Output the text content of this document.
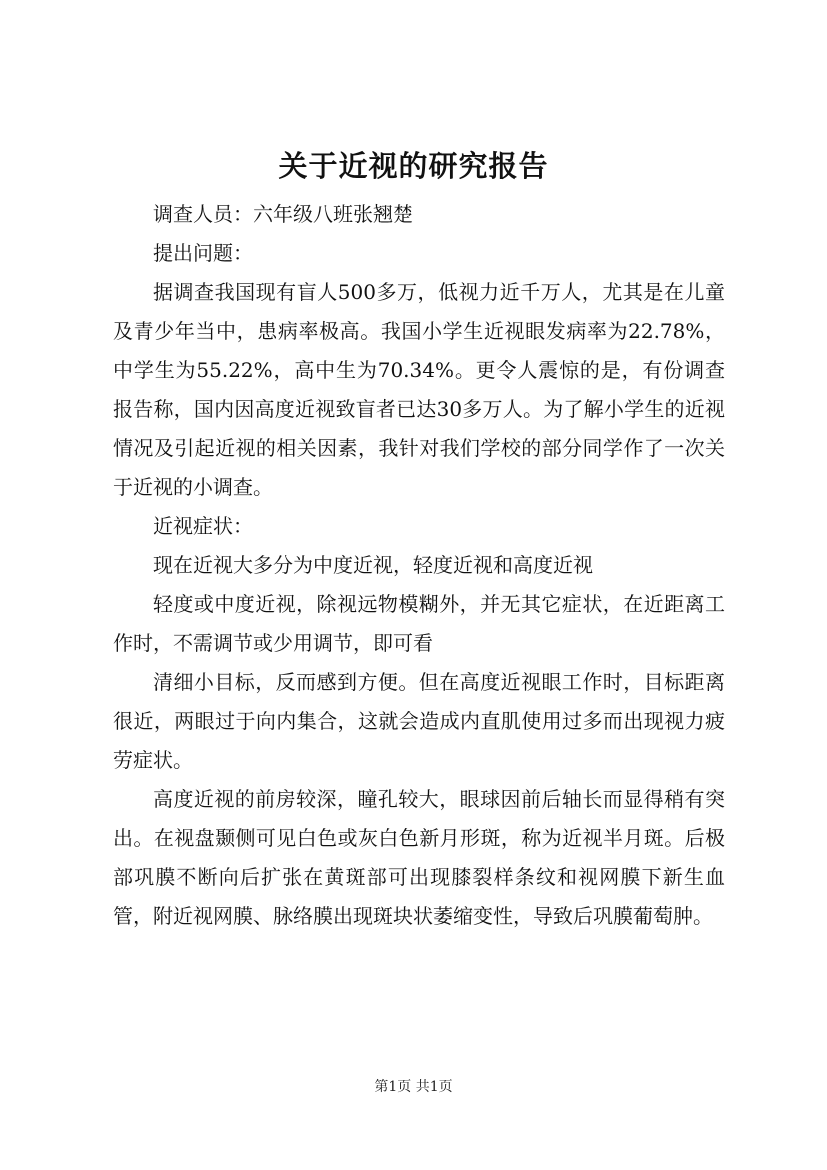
关于近视的研究报告

调查人员：六年级八班张翘楚

提出问题：

据调查我国现有盲人500多万，低视力近千万人，尤其是在儿童及青少年当中，患病率极高。我国小学生近视眼发病率为22.78%，中学生为55.22%，高中生为70.34%。更令人震惊的是，有份调查报告称，国内因高度近视致盲者已达30多万人。为了解小学生的近视情况及引起近视的相关因素，我针对我们学校的部分同学作了一次关于近视的小调查。

近视症状：

现在近视大多分为中度近视，轻度近视和高度近视

轻度或中度近视，除视远物模糊外，并无其它症状，在近距离工作时，不需调节或少用调节，即可看

清细小目标，反而感到方便。但在高度近视眼工作时，目标距离很近，两眼过于向内集合，这就会造成内直肌使用过多而出现视力疲劳症状。

高度近视的前房较深，瞳孔较大，眼球因前后轴长而显得稍有突出。在视盘颞侧可见白色或灰白色新月形斑，称为近视半月斑。后极部巩膜不断向后扩张在黄斑部可出现膝裂样条纹和视网膜下新生血管，附近视网膜、脉络膜出现斑块状萎缩变性，导致后巩膜葡萄肿。

第1页 共1页
